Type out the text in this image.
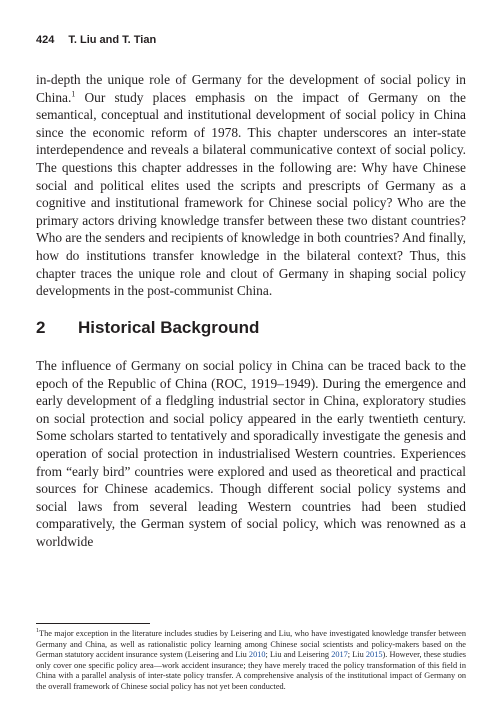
424 T. Liu and T. Tian

in-depth the unique role of Germany for the development of social policy in China.$^1$ Our study places emphasis on the impact of Germany on the semantical, conceptual and institutional development of social policy in China since the economic reform of 1978. This chapter underscores an inter-state interdependence and reveals a bilateral communicative context of social policy. The questions this chapter addresses in the following are: Why have Chinese social and political elites used the scripts and prescripts of Germany as a cognitive and institutional framework for Chinese social policy? Who are the primary actors driving knowledge transfer between these two distant countries? Who are the senders and recipients of knowledge in both countries? And finally, how do institutions transfer knowledge in the bilateral context? Thus, this chapter traces the unique role and clout of Germany in shaping social policy developments in the post-communist China.

2 Historical Background

The influence of Germany on social policy in China can be traced back to the epoch of the Republic of China (ROC, 1919–1949). During the emergence and early development of a fledgling industrial sector in China, exploratory studies on social protection and social policy appeared in the early twentieth century. Some scholars started to tentatively and sporadically investigate the genesis and operation of social protection in industrialised Western countries. Experiences from “early bird” countries were explored and used as theoretical and practical sources for Chinese academics. Though different social policy systems and social laws from several leading Western countries had been studied comparatively, the German system of social policy, which was renowned as a worldwide

$^1$The major exception in the literature includes studies by Leisering and Liu, who have investigated knowledge transfer between Germany and China, as well as rationalistic policy learning among Chinese social scientists and policy-makers based on the German statutory accident insurance system (Leisering and Liu 2010; Liu and Leisering 2017; Liu 2015). However, these studies only cover one specific policy area—work accident insurance; they have merely traced the policy transformation of this field in China with a parallel analysis of inter-state policy transfer. A comprehensive analysis of the institutional impact of Germany on the overall framework of Chinese social policy has not yet been conducted.
